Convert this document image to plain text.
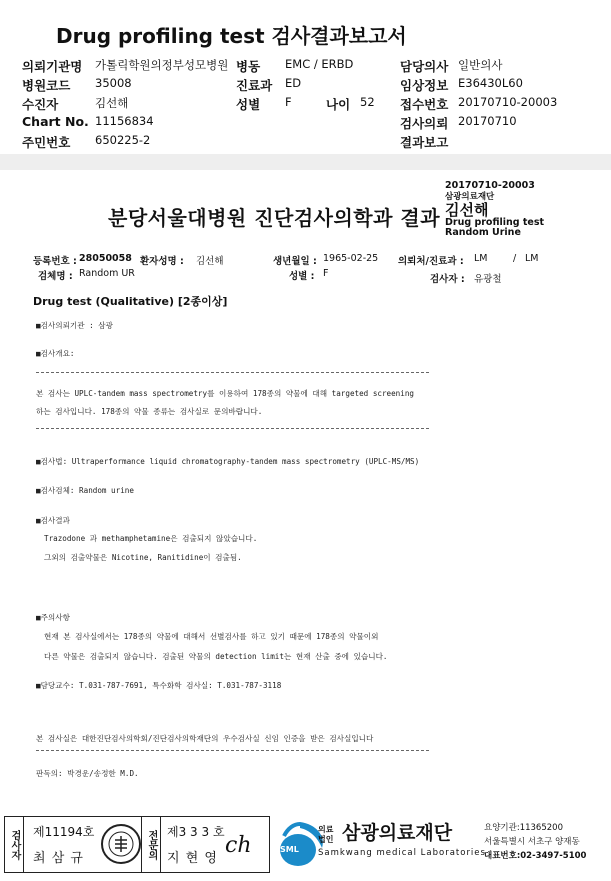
Drug profiling test 검사결과보고서
의뢰기관명 가톨릭학원의정부성모병원 병동 EMC / ERBD	담당의사 일반의사
병원코드 35008	진료과 ED	임상정보 E36430L60
수진자	김선해	성별 F	나이 52 접수번호 20170710-20003
Chart No. 11156834	검사의뢰 20170710
주민번호 650225-2	결과보고
분당서울대병원 진단검사의학과 결과
20170710-20003
삼광의료재단
김선해
Drug profiling test
Random Urine
등록번호 : 28050058 환자성명 : 김선해	생년월일 : 1965-02-25 의뢰처/진료과 : LM	/ LM
검체명 : Random UR	성별 : F
검사자 : 유광철
Drug test (Qualitative) [2종이상]
■검사의뢰기관 : 삼광
■검사개요:
본 검사는 UPLC-tandem mass spectrometry를 이용하여 178종의 약물에 대해 targeted screening
하는 검사입니다. 178종의 약물 종류는 검사실로 문의바랍니다.
■검사법: Ultraperformance liquid chromatography-tandem mass spectrometry (UPLC-MS/MS)
■검사검체: Random urine
■검사결과
Trazodone 과 methamphetamine은 검출되지 않았습니다.
그외의 검출약물은 Nicotine, Ranitidine이 검출됨.
■주의사항
현재 본 검사실에서는 178종의 약물에 대해서 선별검사를 하고 있기 때문에 178종의 약물이외
다른 약물은 검출되지 않습니다. 검출된 약물의 detection limit는 현재 산출 중에 있습니다.
■담당교수: T.031-787-7691, 특수화학 검사실: T.031-787-3118
본 검사실은 대한진단검사의학회/진단검사의학재단의 우수검사실 신임 인증을 받은 검사실입니다
판독의: 박경운/송정한 M.D.
검사자 제11194호
최 삼 규	전문의 제3 3 3 호
지 현 영
ch	SML
의료
법인 삼광의료재단
Samkwang medical Laboratories
요양기관:11365200
서울특별시 서초구 양재동
대표번호:02-3497-5100
